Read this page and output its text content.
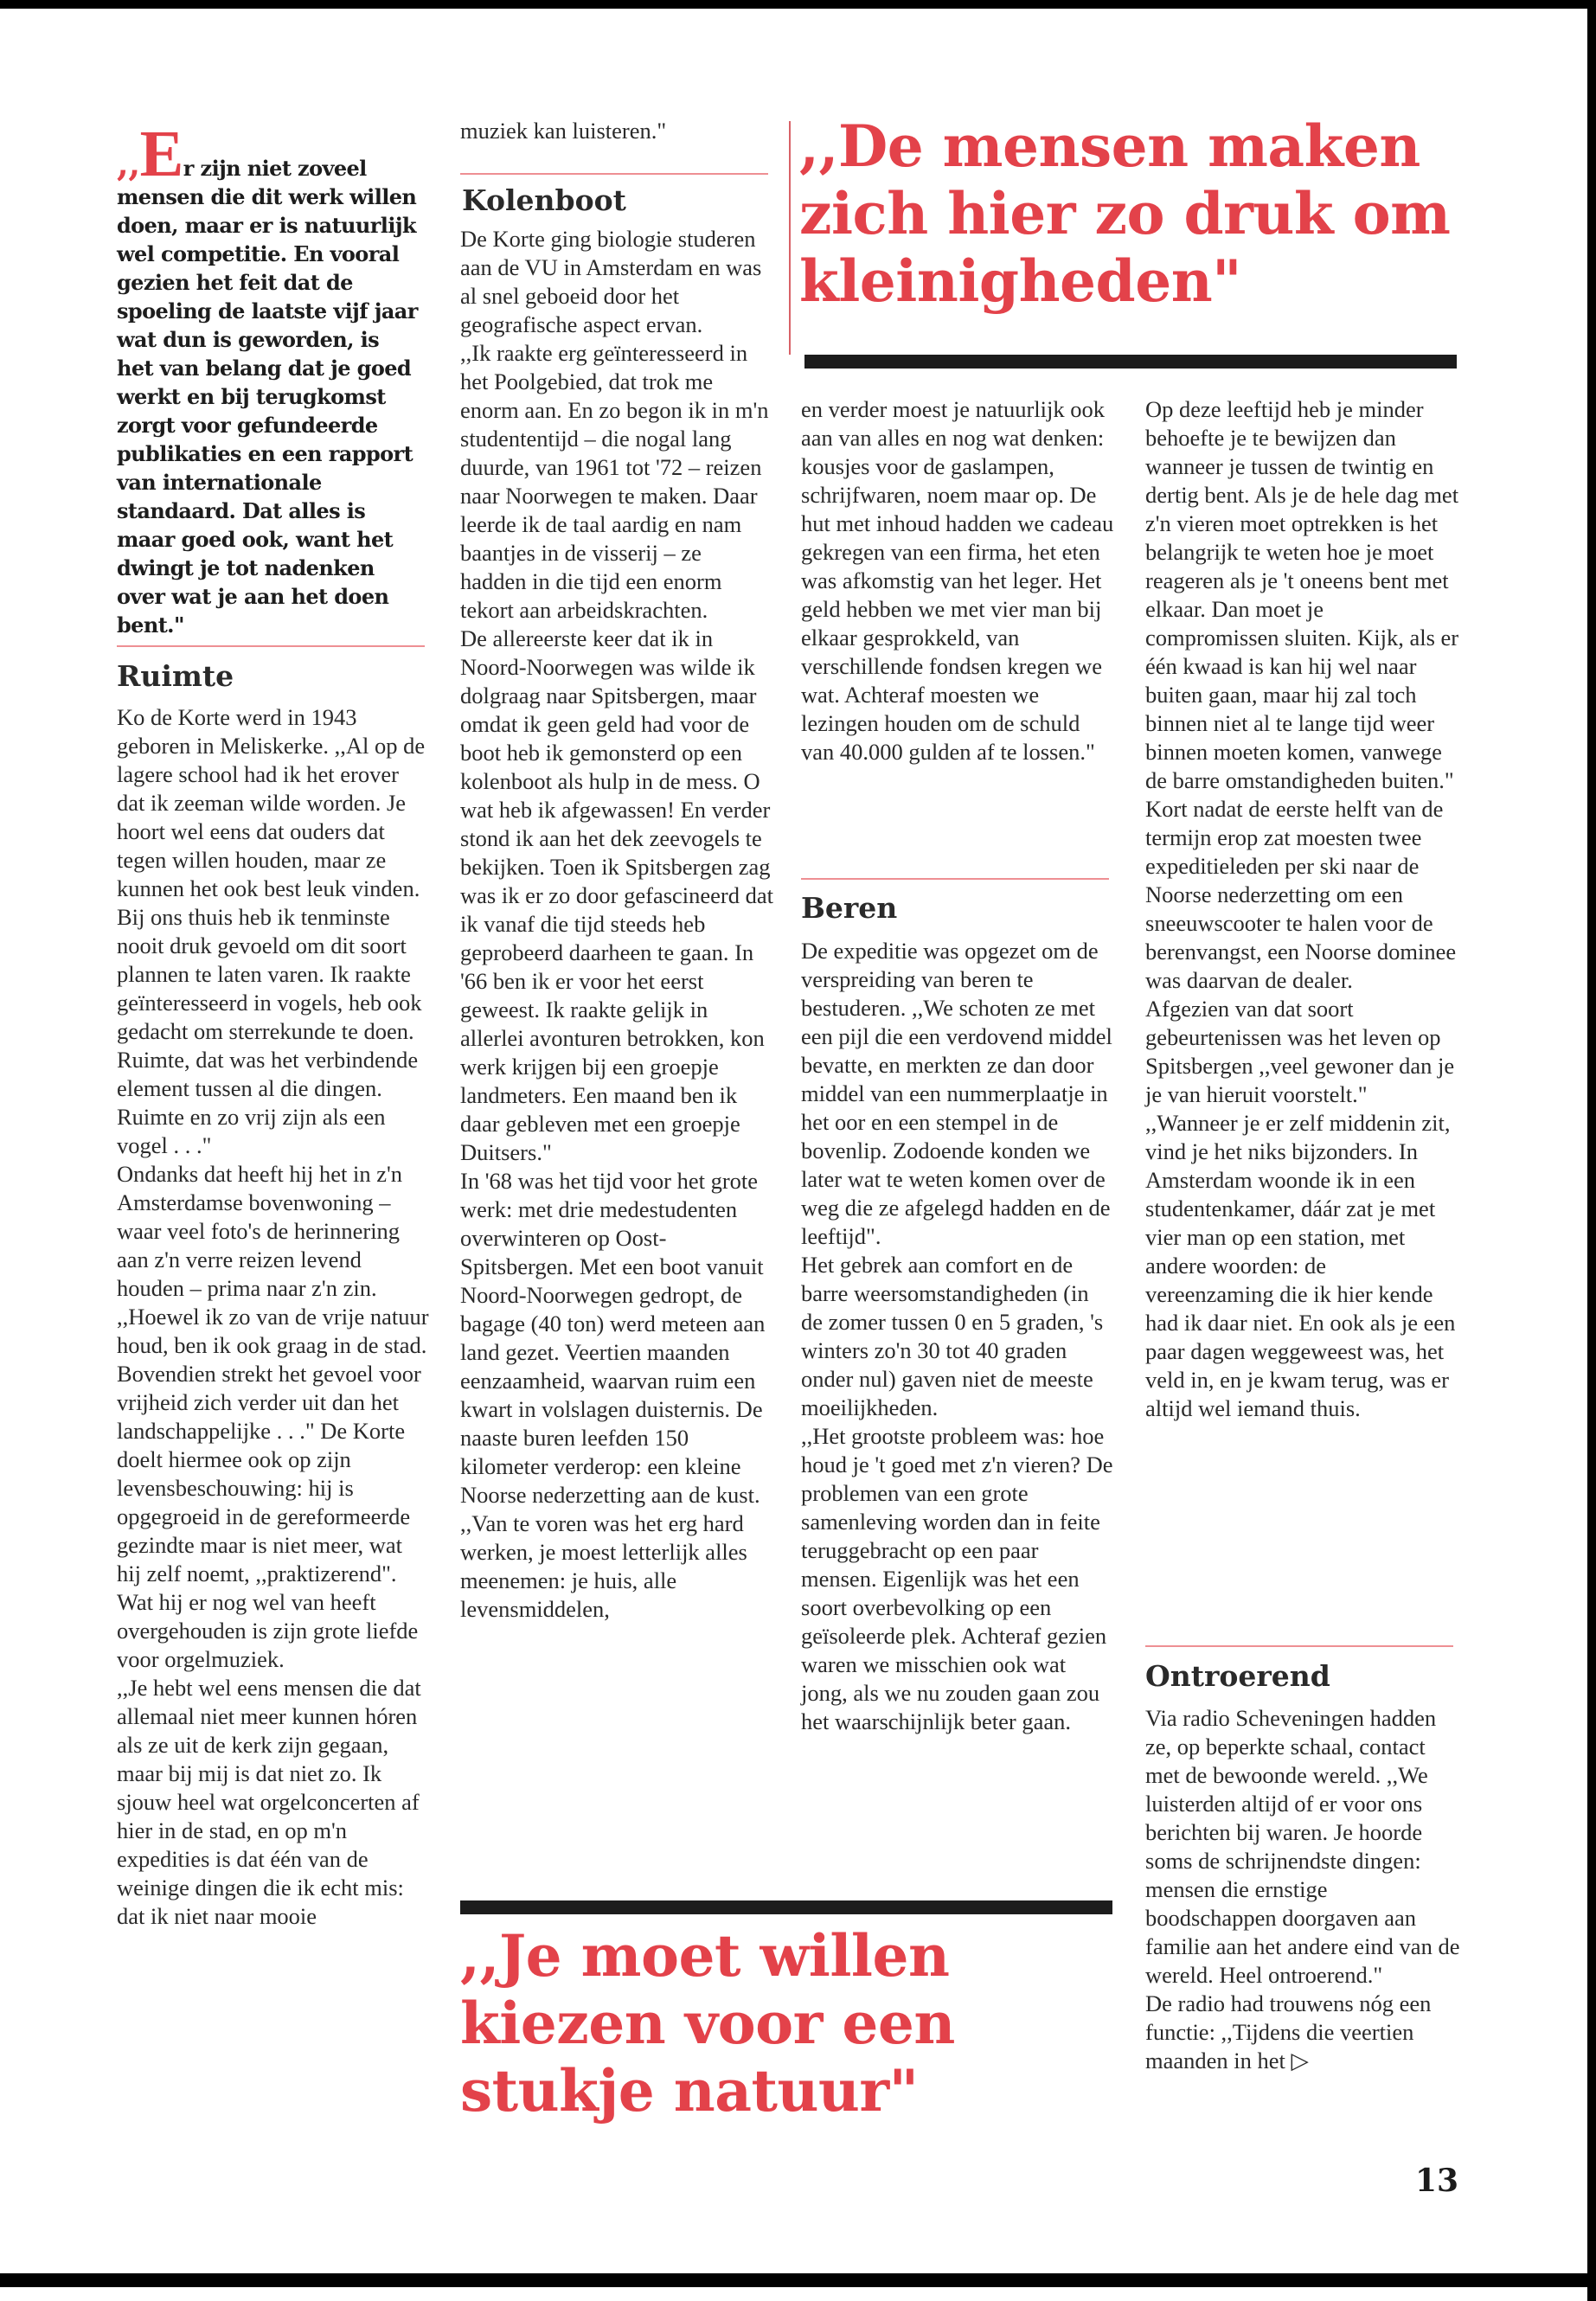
,,Er zijn niet zoveel mensen die dit werk willen doen, maar er is natuurlijk wel competitie. En vooral gezien het feit dat de spoeling de laatste vijf jaar wat dun is geworden, is het van belang dat je goed werkt en bij terugkomst zorgt voor gefundeerde publikaties en een rapport van internationale standaard. Dat alles is maar goed ook, want het dwingt je tot nadenken over wat je aan het doen bent."
Ruimte

Ko de Korte werd in 1943 geboren in Meliskerke. ,,Al op de lagere school had ik het erover dat ik zeeman wilde worden. Je hoort wel eens dat ouders dat tegen willen houden, maar ze kunnen het ook best leuk vinden. Bij ons thuis heb ik tenminste nooit druk gevoeld om dit soort plannen te laten varen. Ik raakte geïnteresseerd in vogels, heb ook gedacht om sterrekunde te doen. Ruimte, dat was het verbindende element tussen al die dingen. Ruimte en zo vrij zijn als een vogel . . ."

Ondanks dat heeft hij het in z'n Amsterdamse bovenwoning – waar veel foto's de herinnering aan z'n verre reizen levend houden – prima naar z'n zin.

,,Hoewel ik zo van de vrije natuur houd, ben ik ook graag in de stad. Bovendien strekt het gevoel voor vrijheid zich verder uit dan het landschappelijke . . ." De Korte doelt hiermee ook op zijn levensbeschouwing: hij is opgegroeid in de gereformeerde gezindte maar is niet meer, wat hij zelf noemt, ,,praktizerend".

Wat hij er nog wel van heeft overgehouden is zijn grote liefde voor orgelmuziek.

,,Je hebt wel eens mensen die dat allemaal niet meer kunnen hóren als ze uit de kerk zijn gegaan, maar bij mij is dat niet zo. Ik sjouw heel wat orgelconcerten af hier in de stad, en op m'n expedities is dat één van de weinige dingen die ik echt mis: dat ik niet naar mooie

muziek kan luisteren."

Kolenboot

De Korte ging biologie studeren aan de VU in Amsterdam en was al snel geboeid door het geografische aspect ervan.

,,Ik raakte erg geïnteresseerd in het Poolgebied, dat trok me enorm aan. En zo begon ik in m'n studententijd – die nogal lang duurde, van 1961 tot '72 – reizen naar Noorwegen te maken. Daar leerde ik de taal aardig en nam baantjes in de visserij – ze hadden in die tijd een enorm tekort aan arbeidskrachten.

De allereerste keer dat ik in Noord-Noorwegen was wilde ik dolgraag naar Spitsbergen, maar omdat ik geen geld had voor de boot heb ik gemonsterd op een kolenboot als hulp in de mess. O wat heb ik afgewassen! En verder stond ik aan het dek zeevogels te bekijken. Toen ik Spitsbergen zag was ik er zo door gefascineerd dat ik vanaf die tijd steeds heb geprobeerd daarheen te gaan. In '66 ben ik er voor het eerst geweest. Ik raakte gelijk in allerlei avonturen betrokken, kon werk krijgen bij een groepje landmeters. Een maand ben ik daar gebleven met een groepje Duitsers."

In '68 was het tijd voor het grote werk: met drie medestudenten overwinteren op Oost-Spitsbergen. Met een boot vanuit Noord-Noorwegen gedropt, de bagage (40 ton) werd meteen aan land gezet. Veertien maanden eenzaamheid, waarvan ruim een kwart in volslagen duisternis. De naaste buren leefden 150 kilometer verderop: een kleine Noorse nederzetting aan de kust.

,,Van te voren was het erg hard werken, je moest letterlijk alles meenemen: je huis, alle levensmiddelen,

,,De mensen maken zich hier zo druk om kleinigheden"

en verder moest je natuurlijk ook aan van alles en nog wat denken: kousjes voor de gaslampen, schrijfwaren, noem maar op. De hut met inhoud hadden we cadeau gekregen van een firma, het eten was afkomstig van het leger. Het geld hebben we met vier man bij elkaar gesprokkeld, van verschillende fondsen kregen we wat. Achteraf moesten we lezingen houden om de schuld van 40.000 gulden af te lossen."

Beren

De expeditie was opgezet om de verspreiding van beren te bestuderen. ,,We schoten ze met een pijl die een verdovend middel bevatte, en merkten ze dan door middel van een nummerplaatje in het oor en een stempel in de bovenlip. Zodoende konden we later wat te weten komen over de weg die ze afgelegd hadden en de leeftijd".

Het gebrek aan comfort en de barre weersomstandigheden (in de zomer tussen 0 en 5 graden, 's winters zo'n 30 tot 40 graden onder nul) gaven niet de meeste moeilijkheden.

,,Het grootste probleem was: hoe houd je 't goed met z'n vieren? De problemen van een grote samenleving worden dan in feite teruggebracht op een paar mensen. Eigenlijk was het een soort overbevolking op een geïsoleerde plek. Achteraf gezien waren we misschien ook wat jong, als we nu zouden gaan zou het waarschijnlijk beter gaan.

Op deze leeftijd heb je minder behoefte je te bewijzen dan wanneer je tussen de twintig en dertig bent. Als je de hele dag met z'n vieren moet optrekken is het belangrijk te weten hoe je moet reageren als je 't oneens bent met elkaar. Dan moet je compromissen sluiten. Kijk, als er één kwaad is kan hij wel naar buiten gaan, maar hij zal toch binnen niet al te lange tijd weer binnen moeten komen, vanwege de barre omstandigheden buiten."

Kort nadat de eerste helft van de termijn erop zat moesten twee expeditieleden per ski naar de Noorse nederzetting om een sneeuwscooter te halen voor de berenvangst, een Noorse dominee was daarvan de dealer.

Afgezien van dat soort gebeurtenissen was het leven op Spitsbergen ,,veel gewoner dan je je van hieruit voorstelt." ,,Wanneer je er zelf middenin zit, vind je het niks bijzonders. In Amsterdam woonde ik in een studentenkamer, dáár zat je met vier man op een station, met andere woorden: de vereenzaming die ik hier kende had ik daar niet. En ook als je een paar dagen weggeweest was, het veld in, en je kwam terug, was er altijd wel iemand thuis.

Ontroerend

Via radio Scheveningen hadden ze, op beperkte schaal, contact met de bewoonde wereld. ,,We luisterden altijd of er voor ons berichten bij waren. Je hoorde soms de schrijnendste dingen: mensen die ernstige boodschappen doorgaven aan familie aan het andere eind van de wereld. Heel ontroerend."

De radio had trouwens nóg een functie: ,,Tijdens die veertien maanden in het ▷

,,Je moet willen kiezen voor een stukje natuur"
13
